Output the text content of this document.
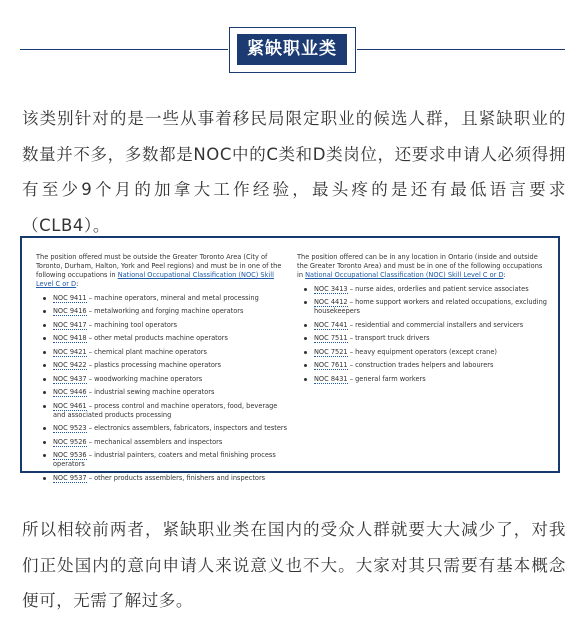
紧缺职业类

该类别针对的是一些从事着移民局限定职业的候选人群，且紧缺职业的数量并不多，多数都是NOC中的C类和D类岗位，还要求申请人必须得拥有至少9个月的加拿大工作经验，最头疼的是还有最低语言要求（CLB4）。

The position offered must be outside the Greater Toronto Area (City of Toronto, Durham, Halton, York and Peel regions) and must be in one of the following occupations in National Occupational Classification (NOC) Skill Level C or D:
NOC 9411 – machine operators, mineral and metal processing
NOC 9416 – metalworking and forging machine operators
NOC 9417 – machining tool operators
NOC 9418 – other metal products machine operators
NOC 9421 – chemical plant machine operators
NOC 9422 – plastics processing machine operators
NOC 9437 – woodworking machine operators
NOC 9446 – industrial sewing machine operators
NOC 9461 – process control and machine operators, food, beverage and associated products processing
NOC 9523 – electronics assemblers, fabricators, inspectors and testers
NOC 9526 – mechanical assemblers and inspectors
NOC 9536 – industrial painters, coaters and metal finishing process operators
NOC 9537 – other products assemblers, finishers and inspectors
The position offered can be in any location in Ontario (inside and outside the Greater Toronto Area) and must be in one of the following occupations in National Occupational Classification (NOC) Skill Level C or D:
NOC 3413 – nurse aides, orderlies and patient service associates
NOC 4412 – home support workers and related occupations, excluding housekeepers
NOC 7441 – residential and commercial installers and servicers
NOC 7511 – transport truck drivers
NOC 7521 – heavy equipment operators (except crane)
NOC 7611 – construction trades helpers and labourers
NOC 8431 – general farm workers

所以相较前两者，紧缺职业类在国内的受众人群就要大大减少了，对我们正处国内的意向申请人来说意义也不大。大家对其只需要有基本概念便可，无需了解过多。
